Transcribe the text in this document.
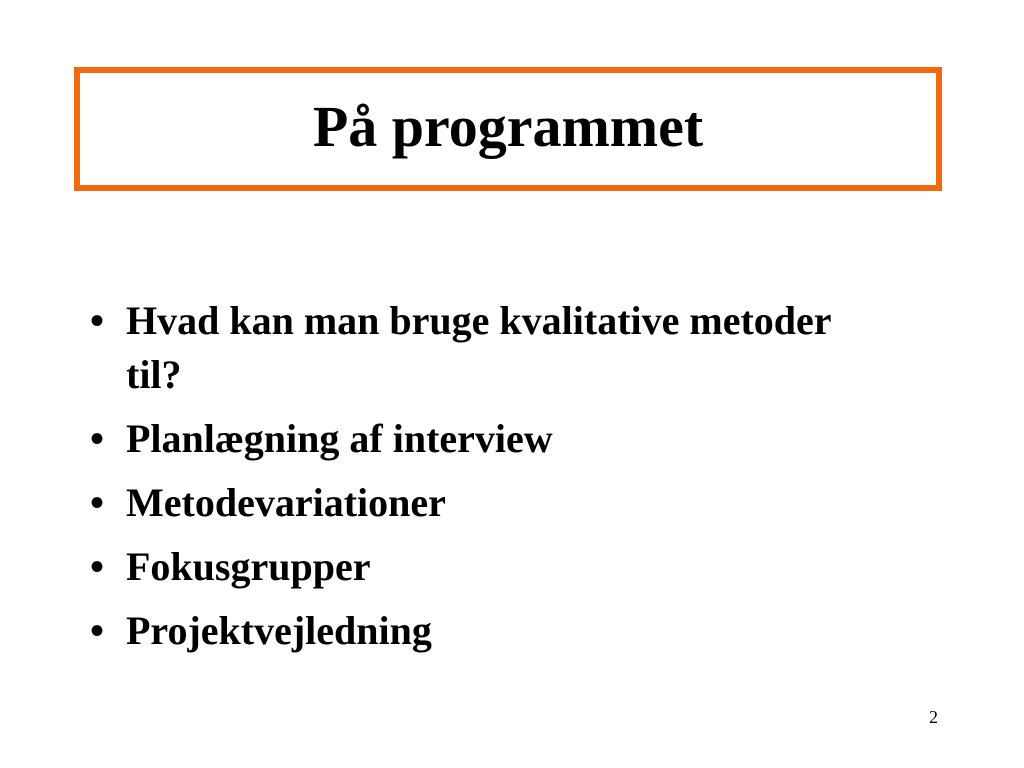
På programmet
• Hvad kan man bruge kvalitative metoder til?
• Planlægning af interview
• Metodevariationer
• Fokusgrupper
• Projektvejledning
2
